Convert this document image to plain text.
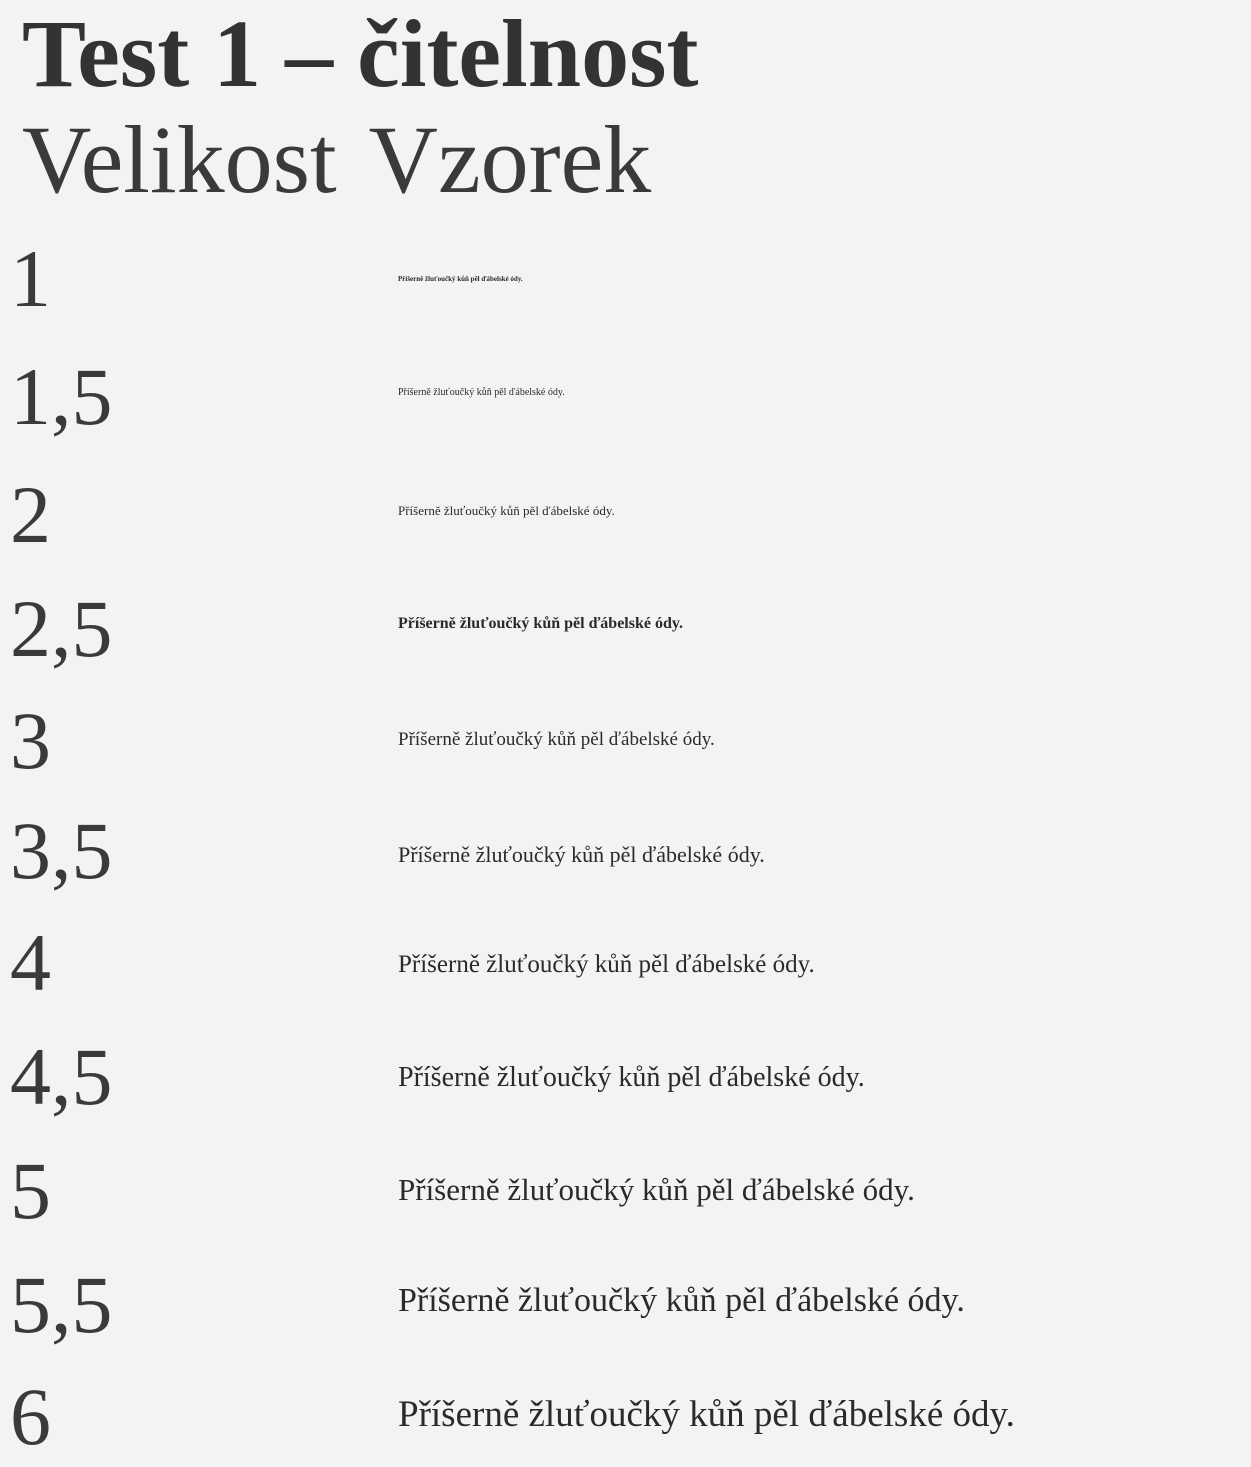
Test 1 – čitelnost
Velikost Vzorek
1	Příšerně žluťoučký kůň pěl ďábelské ódy.
1,5	Příšerně žluťoučký kůň pěl ďábelské ódy.
2	Příšerně žluťoučký kůň pěl ďábelské ódy.
2,5	Příšerně žluťoučký kůň pěl ďábelské ódy.
3	Příšerně žluťoučký kůň pěl ďábelské ódy.
3,5	Příšerně žluťoučký kůň pěl ďábelské ódy.
4	Příšerně žluťoučký kůň pěl ďábelské ódy.
4,5	Příšerně žluťoučký kůň pěl ďábelské ódy.
5	Příšerně žluťoučký kůň pěl ďábelské ódy.
5,5	Příšerně žluťoučký kůň pěl ďábelské ódy.
6	Příšerně žluťoučký kůň pěl ďábelské ódy.
